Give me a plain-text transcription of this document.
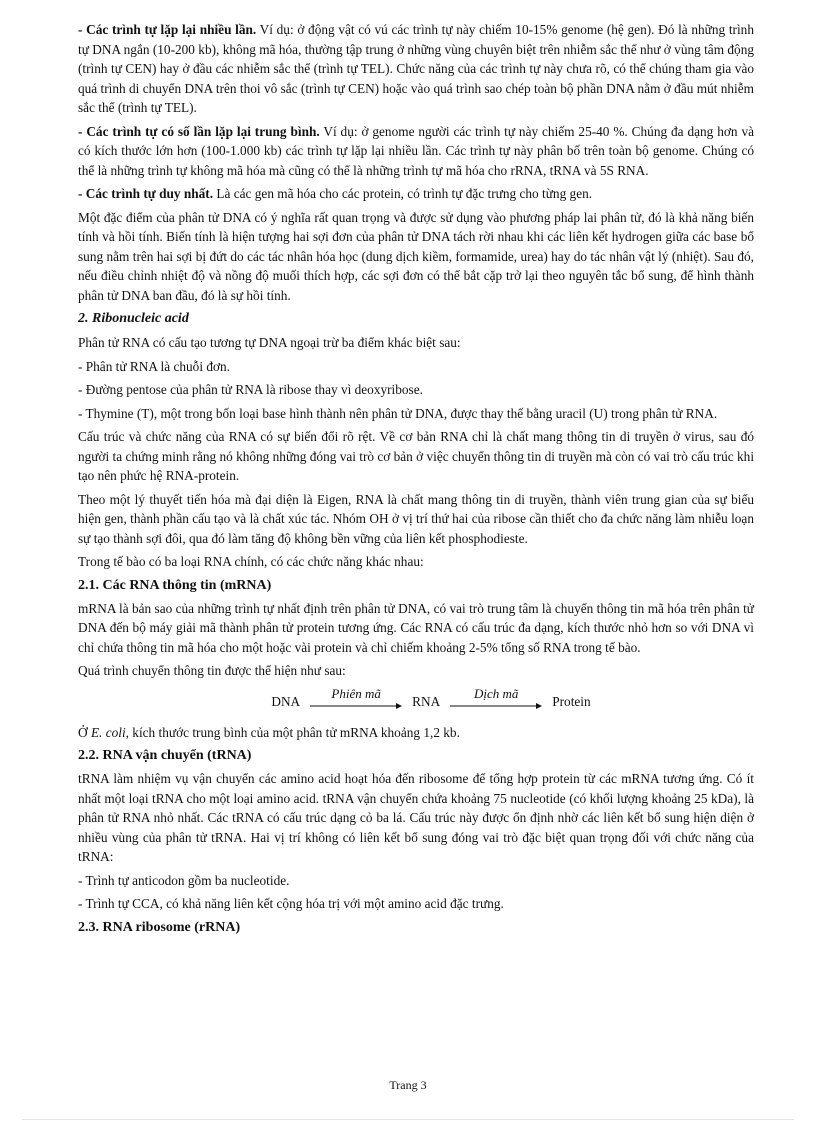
- Các trình tự lặp lại nhiều lần. Ví dụ: ở động vật có vú các trình tự này chiếm 10-15% genome (hệ gen). Đó là những trình tự DNA ngắn (10-200 kb), không mã hóa, thường tập trung ở những vùng chuyên biệt trên nhiễm sắc thể như ở vùng tâm động (trình tự CEN) hay ở đầu các nhiễm sắc thể (trình tự TEL). Chức năng của các trình tự này chưa rõ, có thể chúng tham gia vào quá trình di chuyển DNA trên thoi vô sắc (trình tự CEN) hoặc vào quá trình sao chép toàn bộ phần DNA nằm ở đầu mút nhiễm sắc thể (trình tự TEL).

- Các trình tự có số lần lặp lại trung bình. Ví dụ: ở genome người các trình tự này chiếm 25-40 %. Chúng đa dạng hơn và có kích thước lớn hơn (100-1.000 kb) các trình tự lặp lại nhiều lần. Các trình tự này phân bố trên toàn bộ genome. Chúng có thể là những trình tự không mã hóa mà cũng có thể là những trình tự mã hóa cho rRNA, tRNA và 5S RNA.

- Các trình tự duy nhất. Là các gen mã hóa cho các protein, có trình tự đặc trưng cho từng gen.

Một đặc điểm của phân tử DNA có ý nghĩa rất quan trọng và được sử dụng vào phương pháp lai phân tử, đó là khả năng biến tính và hồi tính. Biến tính là hiện tượng hai sợi đơn của phân tử DNA tách rời nhau khi các liên kết hydrogen giữa các base bổ sung nằm trên hai sợi bị đứt do các tác nhân hóa học (dung dịch kiềm, formamide, urea) hay do tác nhân vật lý (nhiệt). Sau đó, nếu điều chỉnh nhiệt độ và nồng độ muối thích hợp, các sợi đơn có thể bắt cặp trở lại theo nguyên tắc bổ sung, để hình thành phân tử DNA ban đầu, đó là sự hồi tính.

2. Ribonucleic acid

Phân tử RNA có cấu tạo tương tự DNA ngoại trừ ba điểm khác biệt sau:

- Phân tử RNA là chuỗi đơn.

- Đường pentose của phân tử RNA là ribose thay vì deoxyribose.

- Thymine (T), một trong bốn loại base hình thành nên phân tử DNA, được thay thế bằng uracil (U) trong phân tử RNA.

Cấu trúc và chức năng của RNA có sự biến đổi rõ rệt. Về cơ bản RNA chỉ là chất mang thông tin di truyền ở virus, sau đó người ta chứng minh rằng nó không những đóng vai trò cơ bản ở việc chuyển thông tin di truyền mà còn có vai trò cấu trúc khi tạo nên phức hệ RNA-protein.

Theo một lý thuyết tiến hóa mà đại diện là Eigen, RNA là chất mang thông tin di truyền, thành viên trung gian của sự biểu hiện gen, thành phần cấu tạo và là chất xúc tác. Nhóm OH ở vị trí thứ hai của ribose cần thiết cho đa chức năng làm nhiễu loạn sự tạo thành sợi đôi, qua đó làm tăng độ không bền vững của liên kết phosphodieste.

Trong tế bào có ba loại RNA chính, có các chức năng khác nhau:

2.1. Các RNA thông tin (mRNA)

mRNA là bản sao của những trình tự nhất định trên phân tử DNA, có vai trò trung tâm là chuyển thông tin mã hóa trên phân tử DNA đến bộ máy giải mã thành phân tử protein tương ứng. Các RNA có cấu trúc đa dạng, kích thước nhỏ hơn so với DNA vì chỉ chứa thông tin mã hóa cho một hoặc vài protein và chỉ chiếm khoảng 2-5% tổng số RNA trong tế bào.

Quá trình chuyển thông tin được thể hiện như sau:

DNA
Phiên mã
RNA
Dịch mã
Protein

Ở E. coli, kích thước trung bình của một phân tử mRNA khoảng 1,2 kb.

2.2. RNA vận chuyển (tRNA)

tRNA làm nhiệm vụ vận chuyển các amino acid hoạt hóa đến ribosome để tổng hợp protein từ các mRNA tương ứng. Có ít nhất một loại tRNA cho một loại amino acid. tRNA vận chuyển chứa khoảng 75 nucleotide (có khối lượng khoảng 25 kDa), là phân tử RNA nhỏ nhất. Các tRNA có cấu trúc dạng cỏ ba lá. Cấu trúc này được ổn định nhờ các liên kết bổ sung hiện diện ở nhiều vùng của phân tử tRNA. Hai vị trí không có liên kết bổ sung đóng vai trò đặc biệt quan trọng đối với chức năng của tRNA:

- Trình tự anticodon gồm ba nucleotide.

- Trình tự CCA, có khả năng liên kết cộng hóa trị với một amino acid đặc trưng.

2.3. RNA ribosome (rRNA)
Trang 3
